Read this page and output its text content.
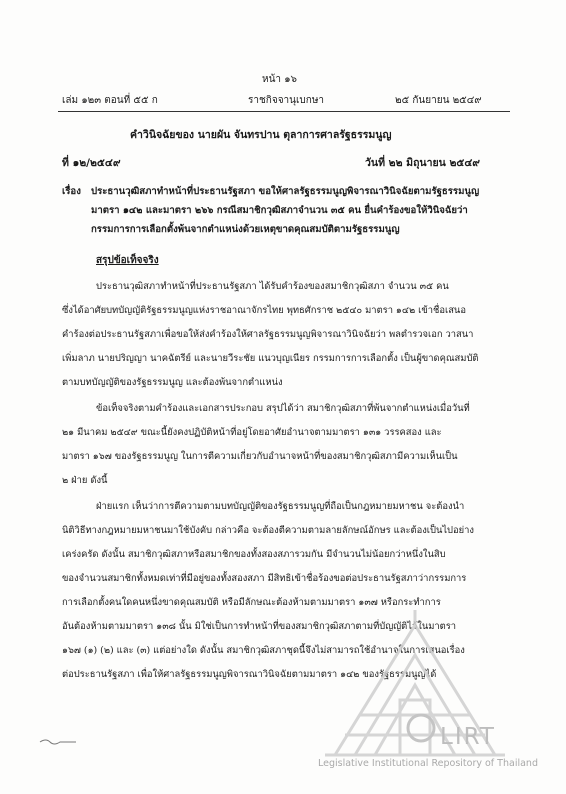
หน้า ๑๖
เล่ม ๑๒๓ ตอนที่ ๕๕ ก	ราชกิจจานุเบกษา	๒๕ กันยายน ๒๕๔๙
คำวินิจฉัยของ นายผัน จันทรปาน ตุลาการศาลรัฐธรรมนูญ
ที่ ๑๒/๒๕๔๙	วันที่ ๒๒ มิถุนายน ๒๕๔๙
เรื่อง ประธานวุฒิสภาทำหน้าที่ประธานรัฐสภา ขอให้ศาลรัฐธรรมนูญพิจารณาวินิจฉัยตามรัฐธรรมนูญ
มาตรา ๑๔๒ และมาตรา ๒๖๖ กรณีสมาชิกวุฒิสภาจำนวน ๓๕ คน ยื่นคำร้องขอให้วินิจฉัยว่า
กรรมการการเลือกตั้งพ้นจากตำแหน่งด้วยเหตุขาดคุณสมบัติตามรัฐธรรมนูญ
สรุปข้อเท็จจริง
ประธานวุฒิสภาทำหน้าที่ประธานรัฐสภา ได้รับคำร้องของสมาชิกวุฒิสภา จำนวน ๓๕ คน
ซึ่งได้อาศัยบทบัญญัติรัฐธรรมนูญแห่งราชอาณาจักรไทย พุทธศักราช ๒๕๔๐ มาตรา ๑๔๒ เข้าชื่อเสนอ
คำร้องต่อประธานรัฐสภาเพื่อขอให้ส่งคำร้องให้ศาลรัฐธรรมนูญพิจารณาวินิจฉัยว่า พลตำรวจเอก วาสนา
เพิ่มลาภ นายปริญญา นาคฉัตรีย์ และนายวีระชัย แนวบุญเนียร กรรมการการเลือกตั้ง เป็นผู้ขาดคุณสมบัติ
ตามบทบัญญัติของรัฐธรรมนูญ และต้องพ้นจากตำแหน่ง
ข้อเท็จจริงตามคำร้องและเอกสารประกอบ สรุปได้ว่า สมาชิกวุฒิสภาที่พ้นจากตำแหน่งเมื่อวันที่
๒๑ มีนาคม ๒๕๔๙ ขณะนี้ยังคงปฏิบัติหน้าที่อยู่โดยอาศัยอำนาจตามมาตรา ๑๓๑ วรรคสอง และ
มาตรา ๑๖๗ ของรัฐธรรมนูญ ในการตีความเกี่ยวกับอำนาจหน้าที่ของสมาชิกวุฒิสภามีความเห็นเป็น
๒ ฝ่าย ดังนี้
ฝ่ายแรก เห็นว่าการตีความตามบทบัญญัติของรัฐธรรมนูญที่ถือเป็นกฎหมายมหาชน จะต้องนำ
นิติวิธีทางกฎหมายมหาชนมาใช้บังคับ กล่าวคือ จะต้องตีความตามลายลักษณ์อักษร และต้องเป็นไปอย่าง
เคร่งครัด ดังนั้น สมาชิกวุฒิสภาหรือสมาชิกของทั้งสองสภารวมกัน มีจำนวนไม่น้อยกว่าหนึ่งในสิบ
ของจำนวนสมาชิกทั้งหมดเท่าที่มีอยู่ของทั้งสองสภา มีสิทธิเข้าชื่อร้องขอต่อประธานรัฐสภาว่ากรรมการ
การเลือกตั้งคนใดคนหนึ่งขาดคุณสมบัติ หรือมีลักษณะต้องห้ามตามมาตรา ๑๓๗ หรือกระทำการ
อันต้องห้ามตามมาตรา ๑๓๘ นั้น มิใช่เป็นการทำหน้าที่ของสมาชิกวุฒิสภาตามที่บัญญัติไว้ในมาตรา
๑๖๗ (๑) (๒) และ (๓) แต่อย่างใด ดังนั้น สมาชิกวุฒิสภาชุดนี้จึงไม่สามารถใช้อำนาจในการเสนอเรื่อง
ต่อประธานรัฐสภา เพื่อให้ศาลรัฐธรรมนูญพิจารณาวินิจฉัยตามมาตรา ๑๔๒ ของรัฐธรรมนูญได้
LIRT
Legislative Institutional Repository of Thailand
